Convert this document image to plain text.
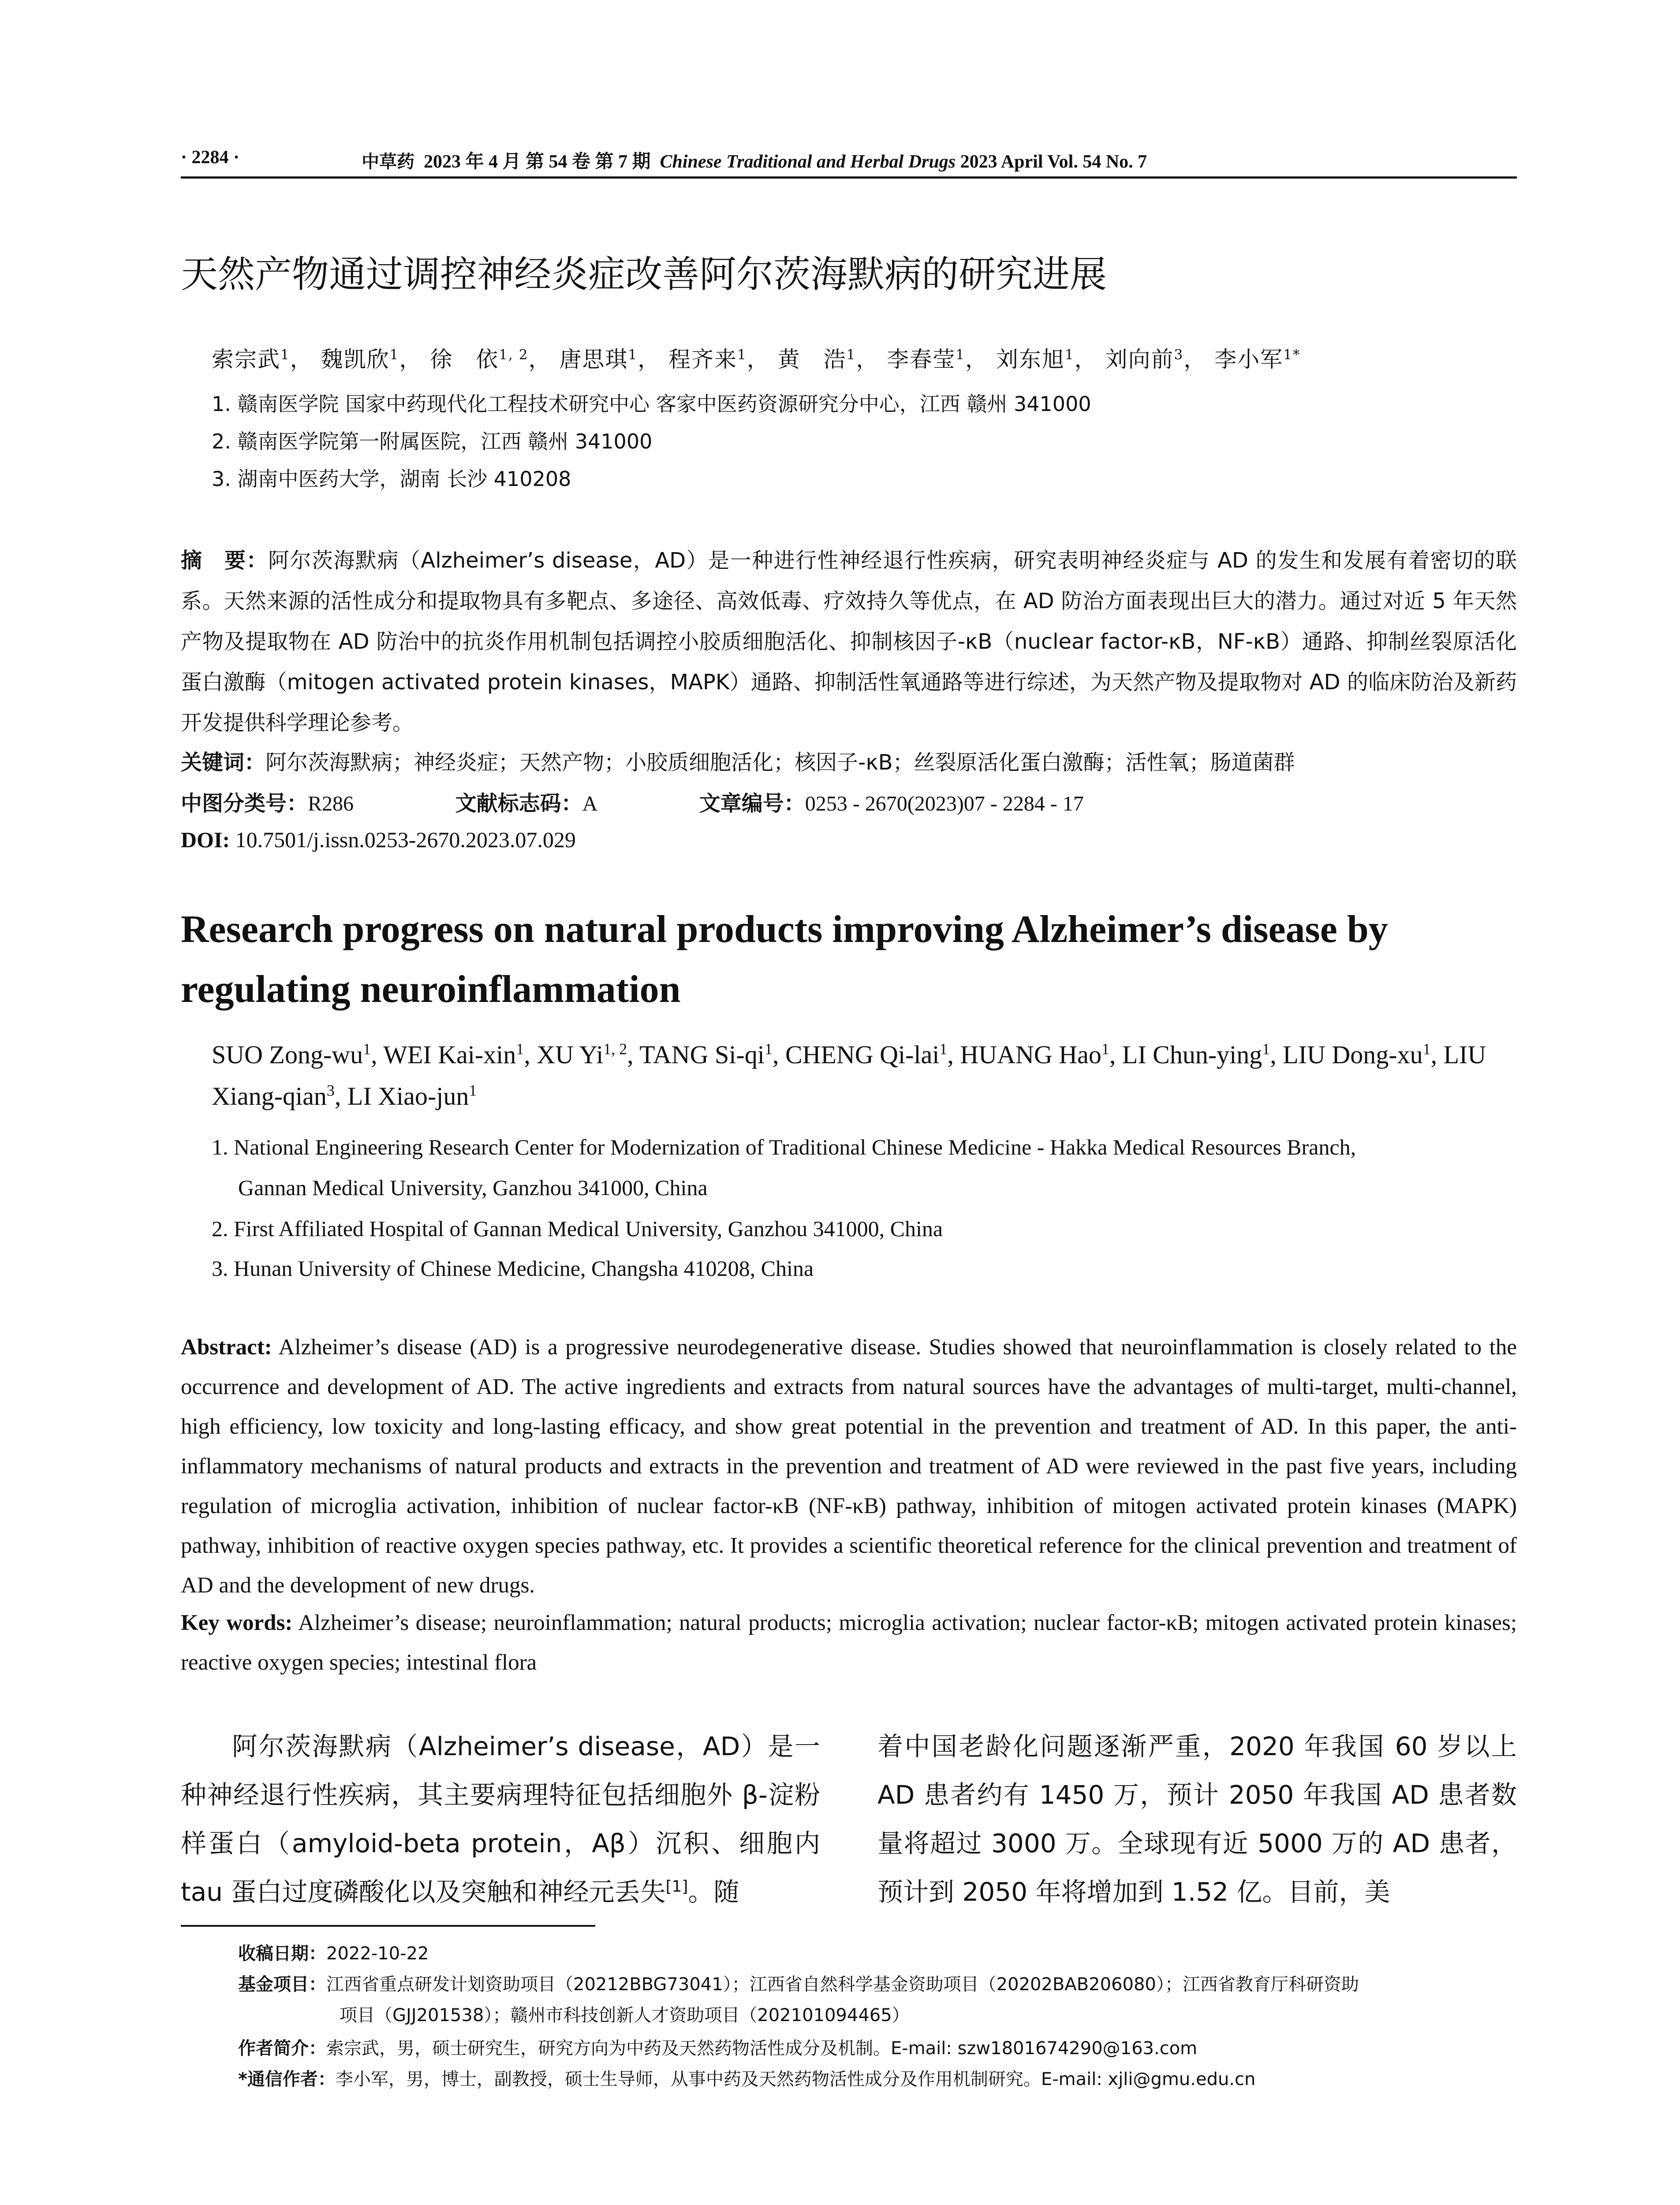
· 2284 ·	中草药 2023 年 4 月 第 54 卷 第 7 期 Chinese Traditional and Herbal Drugs 2023 April Vol. 54 No. 7
天然产物通过调控神经炎症改善阿尔茨海默病的研究进展
索宗武$^1$， 魏凯欣$^1$， 徐　依$^{1, 2}$， 唐思琪$^1$， 程齐来$^1$， 黄　浩$^1$， 李春莹$^1$， 刘东旭$^1$， 刘向前$^3$， 李小军$^{1*}$
1. 赣南医学院 国家中药现代化工程技术研究中心 客家中医药资源研究分中心，江西 赣州 341000
2. 赣南医学院第一附属医院，江西 赣州 341000
3. 湖南中医药大学，湖南 长沙 410208

摘　要：阿尔茨海默病（Alzheimer’s disease，AD）是一种进行性神经退行性疾病，研究表明神经炎症与 AD 的发生和发展有着密切的联系。天然来源的活性成分和提取物具有多靶点、多途径、高效低毒、疗效持久等优点，在 AD 防治方面表现出巨大的潜力。通过对近 5 年天然产物及提取物在 AD 防治中的抗炎作用机制包括调控小胶质细胞活化、抑制核因子-κB（nuclear factor-κB，NF-κB）通路、抑制丝裂原活化蛋白激酶（mitogen activated protein kinases，MAPK）通路、抑制活性氧通路等进行综述，为天然产物及提取物对 AD 的临床防治及新药开发提供科学理论参考。

关键词：阿尔茨海默病；神经炎症；天然产物；小胶质细胞活化；核因子-κB；丝裂原活化蛋白激酶；活性氧；肠道菌群

中图分类号：R286	文献标志码：A	文章编号：0253 - 2670(2023)07 - 2284 - 17

DOI: 10.7501/j.issn.0253-2670.2023.07.029

Research progress on natural products improving Alzheimer’s disease by regulating neuroinflammation

SUO Zong-$wu^1$, WEI Kai-xin$^1$, XU Yi$^{1, 2}$, TANG $Si-qi^1$, CHENG Qi-lai$^1$, HUANG Hao$^1$, LI Chun-ying$^1$, LIU Dong-$xu^1$, LIU Xiang-qian$^3$, LI Xiao-jun$^1$

1. National Engineering Research Center for Modernization of Traditional Chinese Medicine - Hakka Medical Resources Branch,
Gannan Medical University, Ganzhou 341000, China

2. First Affiliated Hospital of Gannan Medical University, Ganzhou 341000, China

3. Hunan University of Chinese Medicine, Changsha 410208, China

Abstract: Alzheimer’s disease (AD) is a progressive neurodegenerative disease. Studies showed that neuroinflammation is closely related to the occurrence and development of AD. The active ingredients and extracts from natural sources have the advantages of multi-target, multi-channel, high efficiency, low toxicity and long-lasting efficacy, and show great potential in the prevention and treatment of AD. In this paper, the anti-inflammatory mechanisms of natural products and extracts in the prevention and treatment of AD were reviewed in the past five years, including regulation of microglia activation, inhibition of nuclear factor-κB (NF-κB) pathway, inhibition of mitogen activated protein kinases (MAPK) pathway, inhibition of reactive oxygen species pathway, etc. It provides a scientific theoretical reference for the clinical prevention and treatment of AD and the development of new drugs.

Key words: Alzheimer’s disease; neuroinflammation; natural products; microglia activation; nuclear factor-κB; mitogen activated protein kinases; reactive oxygen species; intestinal flora

阿尔茨海默病（Alzheimer’s disease，AD）是一种神经退行性疾病，其主要病理特征包括细胞外 β-淀粉样蛋白（amyloid-beta protein，Aβ）沉积、细胞内 tau 蛋白过度磷酸化以及突触和神经元丢失[1]。随

着中国老龄化问题逐渐严重，2020 年我国 60 岁以上 AD 患者约有 1450 万，预计 2050 年我国 AD 患者数量将超过 3000 万。全球现有近 5000 万的 AD 患者，预计到 2050 年将增加到 1.52 亿。目前，美

收稿日期：2022-10-22

基金项目：江西省重点研发计划资助项目（20212BBG73041）；江西省自然科学基金资助项目（20202BAB206080）；江西省教育厅科研资助
项目（GJJ201538）；赣州市科技创新人才资助项目（202101094465）

作者简介：索宗武，男，硕士研究生，研究方向为中药及天然药物活性成分及机制。E-mail: szw1801674290@163.com

*通信作者：李小军，男，博士，副教授，硕士生导师，从事中药及天然药物活性成分及作用机制研究。E-mail: xjli@gmu.edu.cn
